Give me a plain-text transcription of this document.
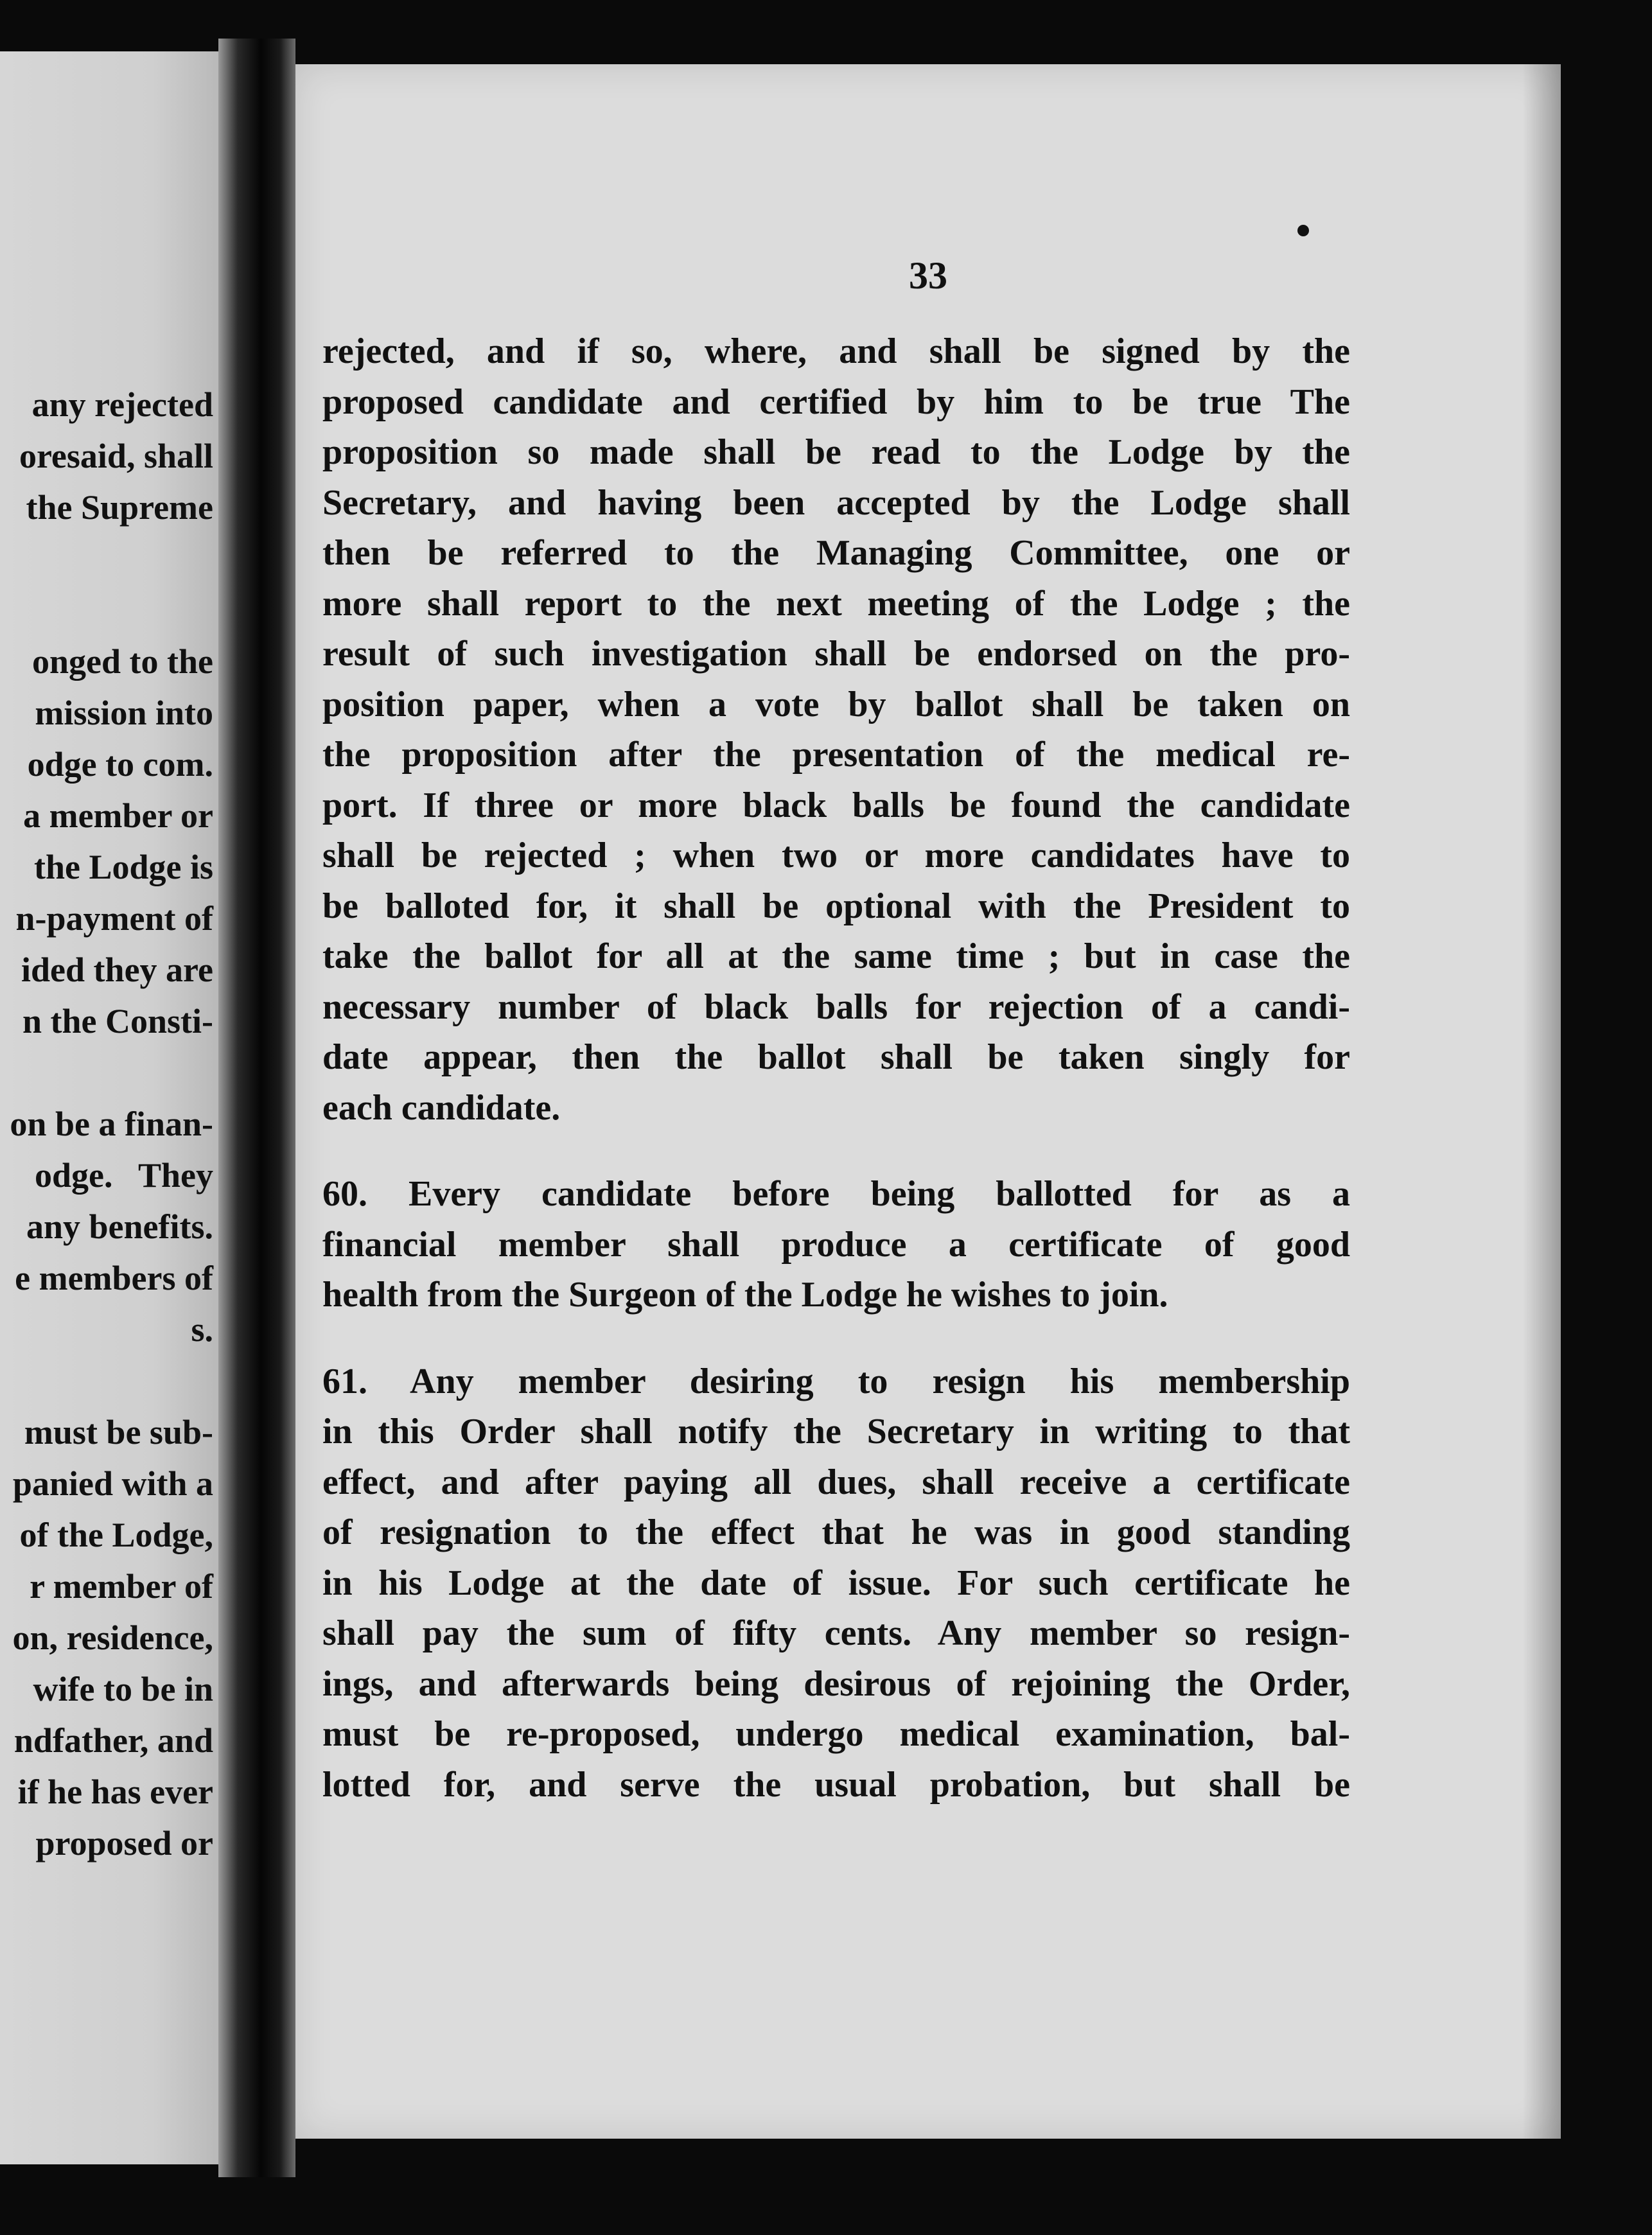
any rejected
oresaid, shall
the Supreme
onged to the
mission into
odge to com.
a member or
the Lodge is
n-payment of
ided they are
n the Consti-
on be a finan-
odge.   They
any benefits.
e members of
s.
must be sub-
panied with a
of the Lodge,
r member of
on, residence,
wife to be in
ndfather, and
if he has ever
proposed or
33
rejected, and if so, where, and shall be signed by the
proposed candidate and certified by him to be true The
proposition so made shall be read to the Lodge by the
Secretary, and having been accepted by the Lodge shall
then be referred to the Managing Committee, one or
more shall report to the next meeting of the Lodge ; the
result of such investigation shall be endorsed on the pro-
position paper, when a vote by ballot shall be taken on
the proposition after the presentation of the medical re-
port. If three or more black balls be found the candidate
shall be rejected ; when two or more candidates have to
be balloted for, it shall be optional with the President to
take the ballot for all at the same time ; but in case the
necessary number of black balls for rejection of a candi-
date appear, then the ballot shall be taken singly for
each candidate.
60. Every candidate before being ballotted for as a
financial member shall produce a certificate of good
health from the Surgeon of the Lodge he wishes to join.
61. Any member desiring to resign his membership
in this Order shall notify the Secretary in writing to that
effect, and after paying all dues, shall receive a certificate
of resignation to the effect that he was in good standing
in his Lodge at the date of issue. For such certificate he
shall pay the sum of fifty cents. Any member so resign-
ings, and afterwards being desirous of rejoining the Order,
must be re-proposed, undergo medical examination, bal-
lotted for, and serve the usual probation, but shall be
